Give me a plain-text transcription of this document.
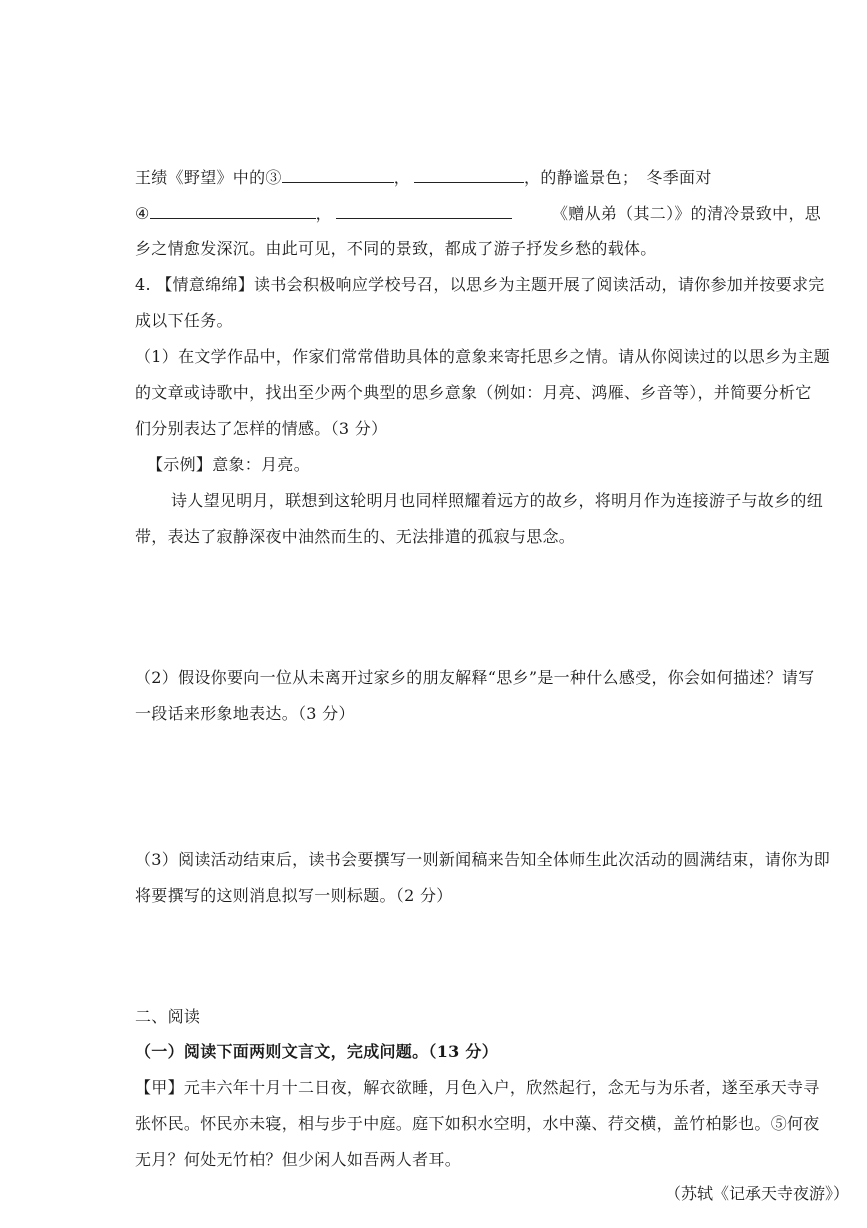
王绩《野望》中的③	，	，的静谧景色；　冬季面对
④	，	《赠从弟（其二）》的清冷景致中，思
乡之情愈发深沉。由此可见，不同的景致，都成了游子抒发乡愁的载体。
4. 【情意绵绵】读书会积极响应学校号召，以思乡为主题开展了阅读活动，请你参加并按要求完
成以下任务。
（1）在文学作品中，作家们常常借助具体的意象来寄托思乡之情。请从你阅读过的以思乡为主题
的文章或诗歌中，找出至少两个典型的思乡意象（例如：月亮、鸿雁、乡音等），并简要分析它
们分别表达了怎样的情感。（3 分）
【示例】意象：月亮。
诗人望见明月，联想到这轮明月也同样照耀着远方的故乡，将明月作为连接游子与故乡的纽
带，表达了寂静深夜中油然而生的、无法排遣的孤寂与思念。
（2）假设你要向一位从未离开过家乡的朋友解释“思乡”是一种什么感受，你会如何描述？请写
一段话来形象地表达。（3 分）
（3）阅读活动结束后，读书会要撰写一则新闻稿来告知全体师生此次活动的圆满结束，请你为即
将要撰写的这则消息拟写一则标题。（2 分）
二、阅读
（一）阅读下面两则文言文，完成问题。（13 分）
【甲】元丰六年十月十二日夜，解衣欲睡，月色入户，欣然起行，念无与为乐者，遂至承天寺寻
张怀民。怀民亦未寝，相与步于中庭。庭下如积水空明，水中藻、荇交横，盖竹柏影也。⑤何夜
无月？何处无竹柏？但少闲人如吾两人者耳。
（苏轼《记承天寺夜游》）
